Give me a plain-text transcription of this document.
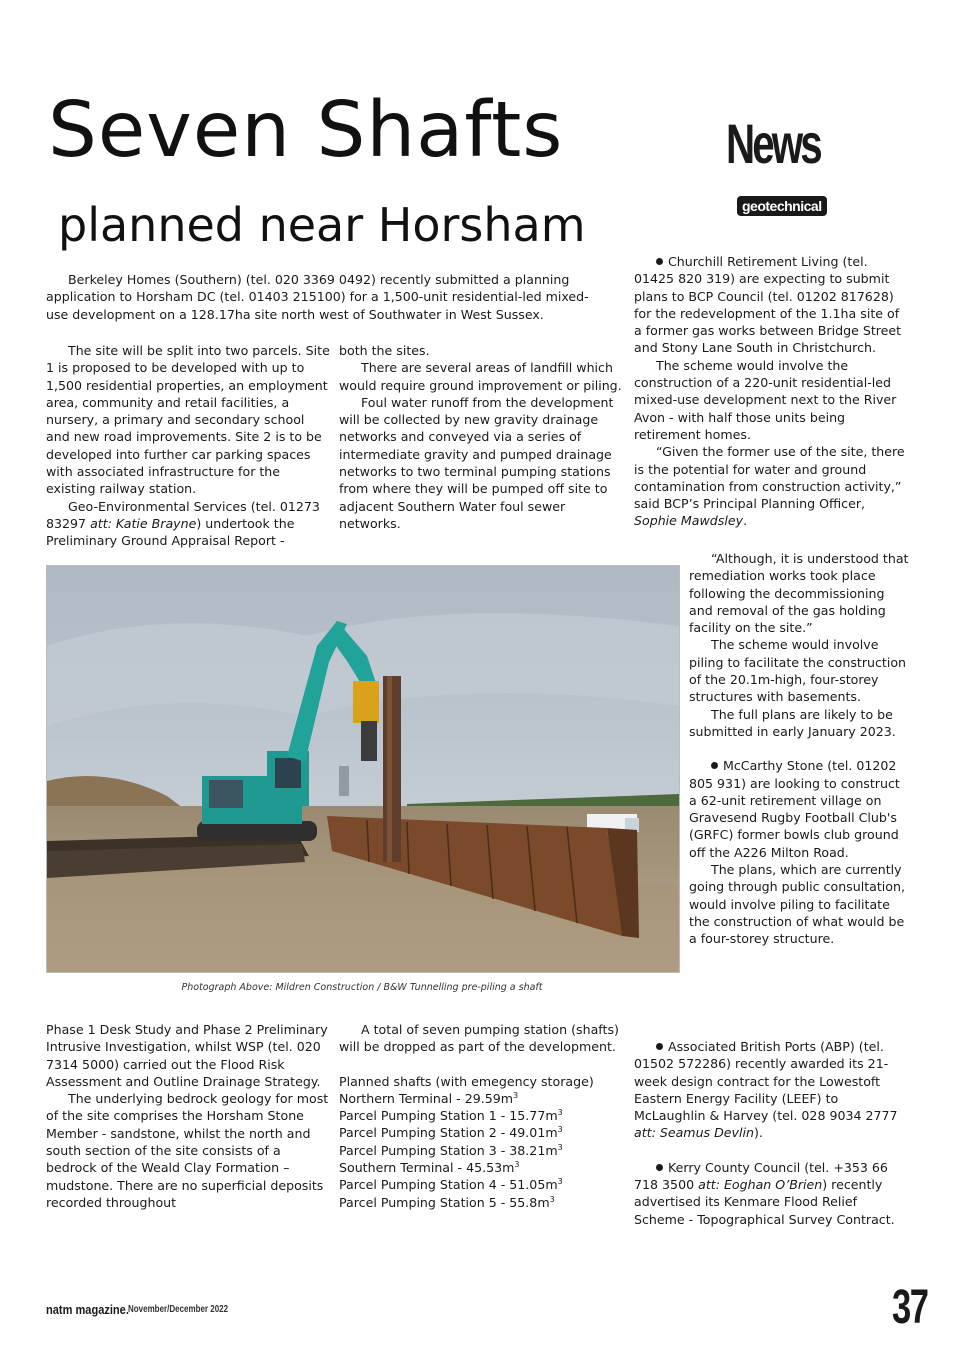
Seven Shafts
planned near Horsham
News
geotechnical

Berkeley Homes (Southern) (tel. 020 3369 0492) recently submitted a planning application to Horsham DC (tel. 01403 215100) for a 1,500-unit residential-led mixed-use development on a 128.17ha site north west of Southwater in West Sussex.

The site will be split into two parcels. Site 1 is proposed to be developed with up to 1,500 residential properties, an employment area, community and retail facilities, a nursery, a primary and secondary school and new road improvements. Site 2 is to be developed into further car parking spaces with associated infrastructure for the existing railway station.

Geo-Environmental Services (tel. 01273 83297 att: Katie Brayne) undertook the Preliminary Ground Appraisal Report -

both the sites.

There are several areas of landfill which would require ground improvement or piling.

Foul water runoff from the development will be collected by new gravity drainage networks and conveyed via a series of intermediate gravity and pumped drainage networks to two terminal pumping stations from where they will be pumped off site to adjacent Southern Water foul sewer networks.

Photograph Above: Mildren Construction / B&W Tunnelling pre-piling a shaft

Phase 1 Desk Study and Phase 2 Preliminary Intrusive Investigation, whilst WSP (tel. 020 7314 5000) carried out the Flood Risk Assessment and Outline Drainage Strategy.

The underlying bedrock geology for most of the site comprises the Horsham Stone Member - sandstone, whilst the north and south section of the site consists of a bedrock of the Weald Clay Formation – mudstone. There are no superficial deposits recorded throughout

A total of seven pumping station (shafts) will be dropped as part of the development.

Planned shafts (with emegency storage)

Northern Terminal - $29.59m^3$

Parcel Pumping Station $1 - 15.77m^3$

Parcel Pumping Station $2 - 49.01m^3$

Parcel Pumping Station $3 - 38.21m^3$

Southern Terminal - $45.53m^3$

Parcel Pumping Station $4 - 51.05m^3$

Parcel Pumping Station $5 - 55.8m^3$

Churchill Retirement Living (tel. 01425 820 319) are expecting to submit plans to BCP Council (tel. 01202 817628) for the redevelopment of the 1.1ha site of a former gas works between Bridge Street and Stony Lane South in Christchurch.

The scheme would involve the construction of a 220-unit residential-led mixed-use development next to the River Avon - with half those units being retirement homes.

“Given the former use of the site, there is the potential for water and ground contamination from construction activity,” said BCP’s Principal Planning Officer, Sophie Mawdsley.

“Although, it is understood that remediation works took place following the decommissioning and removal of the gas holding facility on the site.”

The scheme would involve piling to facilitate the construction of the 20.1m-high, four-storey structures with basements.

The full plans are likely to be submitted in early January 2023.

McCarthy Stone (tel. 01202 805 931) are looking to construct a 62-unit retirement village on Gravesend Rugby Football Club's (GRFC) former bowls club ground off the A226 Milton Road.

The plans, which are currently going through public consultation, would involve piling to facilitate the construction of what would be a four-storey structure.

Associated British Ports (ABP) (tel. 01502 572286) recently awarded its 21-week design contract for the Lowestoft Eastern Energy Facility (LEEF) to McLaughlin & Harvey (tel. 028 9034 2777 att: Seamus Devlin).

Kerry County Council (tel. +353 66 718 3500 att: Eoghan O’Brien) recently advertised its Kenmare Flood Relief Scheme - Topographical Survey Contract.

natm magazine. November/December 2022	37
